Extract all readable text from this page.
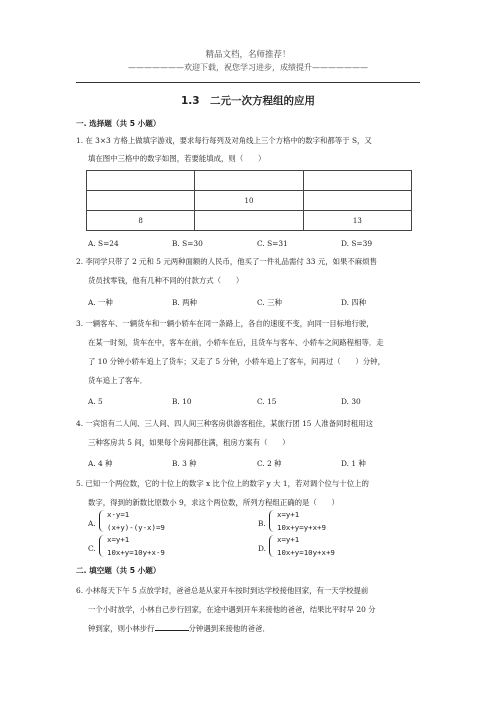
精品文档，名师推荐！
———————欢迎下载，祝您学习进步，成绩提升———————
1.3　二元一次方程组的应用
一. 选择题（共 5 小题）
1. 在 3×3 方格上做填字游戏，要求每行每列及对角线上三个方格中的数字和都等于 S，又
填在图中三格中的数字如图，若要能填成，则（　　）

	10	
8		13
A. S=24	B. S=30	C. S=31	D. S=39
2. 李同学只带了 2 元和 5 元两种面额的人民币，他买了一件礼品需付 33 元，如果不麻烦售
货员找零钱，他有几种不同的付款方式（　　）
A. 一种	B. 两种	C. 三种	D. 四种
3. 一辆客车、一辆货车和一辆小轿车在同一条路上，各自的速度不变，向同一目标地行驶，
在某一时刻，货车在中，客车在前，小轿车在后，且货车与客车、小轿车之间路程相等．走
了 10 分钟小轿车追上了货车；又走了 5 分钟，小轿车追上了客车，问再过（　　）分钟，
货车追上了客车．
A. 5	B. 10	C. 15	D. 30
4. 一宾馆有二人间、三人间、四人间三种客房供游客租住，某旅行团 15 人准备同时租用这
三种客房共 5 间，如果每个房间都住满，租房方案有（　　）
A. 4 种	B. 3 种	C. 2 种	D. 1 种
5. 已知一个两位数，它的十位上的数字 x 比个位上的数字 y 大 1，若对调个位与十位上的
数字，得到的新数比原数小 9，求这个两位数，所列方程组正确的是（　　）
A.
x-y=1
(x+y)-(y-x)=9	B.
x=y+1
10x+y=y+x+9
C.
x=y+1
10x+y=10y+x-9	D.
x=y+1
10x+y=10y+x+9
二. 填空题（共 5 小题）
6. 小林每天下午 5 点放学时，爸爸总是从家开车按时到达学校接他回家，有一天学校提前
一个小时放学，小林自己步行回家，在途中遇到开车来接他的爸爸，结果比平时早 20 分
钟到家，则小林步行	分钟遇到来接他的爸爸．
